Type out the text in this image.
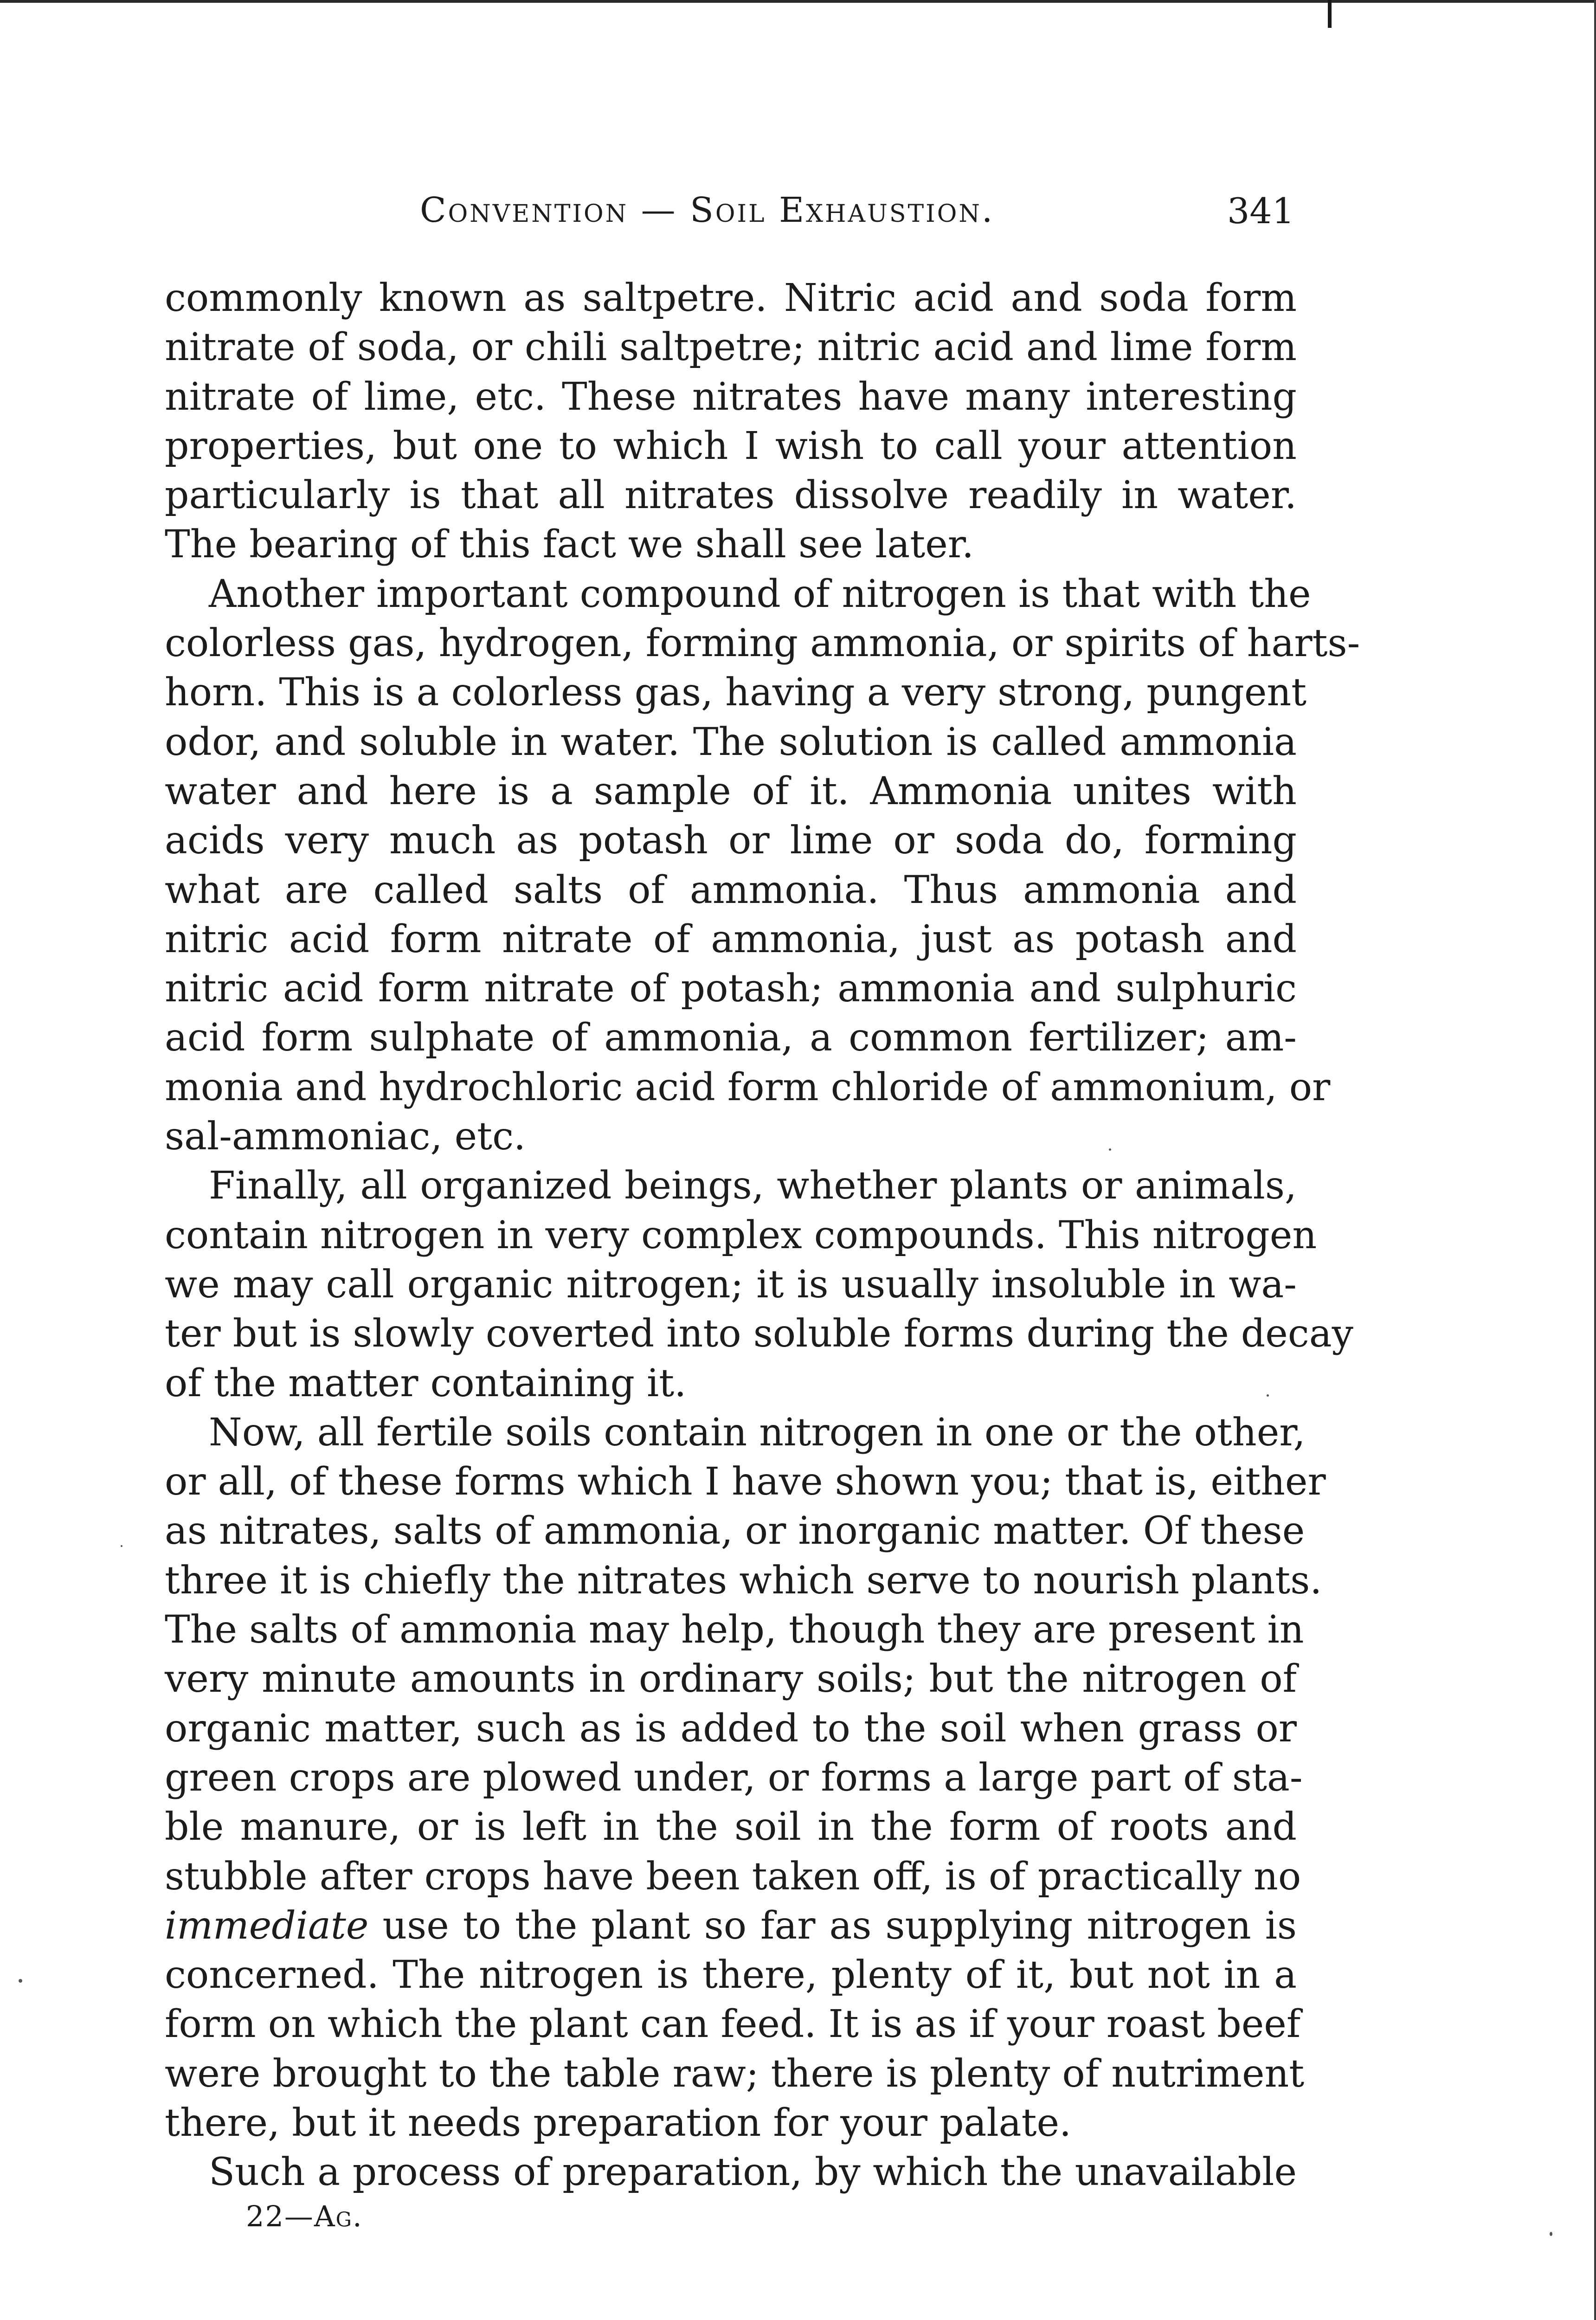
Convention — Soil Exhaustion.	341
commonly known as saltpetre. Nitric acid and soda form
nitrate of soda, or chili saltpetre; nitric acid and lime form
nitrate of lime, etc. These nitrates have many interesting
properties, but one to which I wish to call your attention
particularly is that all nitrates dissolve readily in water.
The bearing of this fact we shall see later.
Another important compound of nitrogen is that with the
colorless gas, hydrogen, forming ammonia, or spirits of harts-
horn. This is a colorless gas, having a very strong, pungent
odor, and soluble in water. The solution is called ammonia
water and here is a sample of it. Ammonia unites with
acids very much as potash or lime or soda do, forming
what are called salts of ammonia. Thus ammonia and
nitric acid form nitrate of ammonia, just as potash and
nitric acid form nitrate of potash; ammonia and sulphuric
acid form sulphate of ammonia, a common fertilizer; am-
monia and hydrochloric acid form chloride of ammonium, or
sal-ammoniac, etc.
Finally, all organized beings, whether plants or animals,
contain nitrogen in very complex compounds. This nitrogen
we may call organic nitrogen; it is usually insoluble in wa-
ter but is slowly coverted into soluble forms during the decay
of the matter containing it.
Now, all fertile soils contain nitrogen in one or the other,
or all, of these forms which I have shown you; that is, either
as nitrates, salts of ammonia, or inorganic matter. Of these
three it is chiefly the nitrates which serve to nourish plants.
The salts of ammonia may help, though they are present in
very minute amounts in ordinary soils; but the nitrogen of
organic matter, such as is added to the soil when grass or
green crops are plowed under, or forms a large part of sta-
ble manure, or is left in the soil in the form of roots and
stubble after crops have been taken off, is of practically no
immediate use to the plant so far as supplying nitrogen is
concerned. The nitrogen is there, plenty of it, but not in a
form on which the plant can feed. It is as if your roast beef
were brought to the table raw; there is plenty of nutriment
there, but it needs preparation for your palate.
Such a process of preparation, by which the unavailable
22—Ag.
